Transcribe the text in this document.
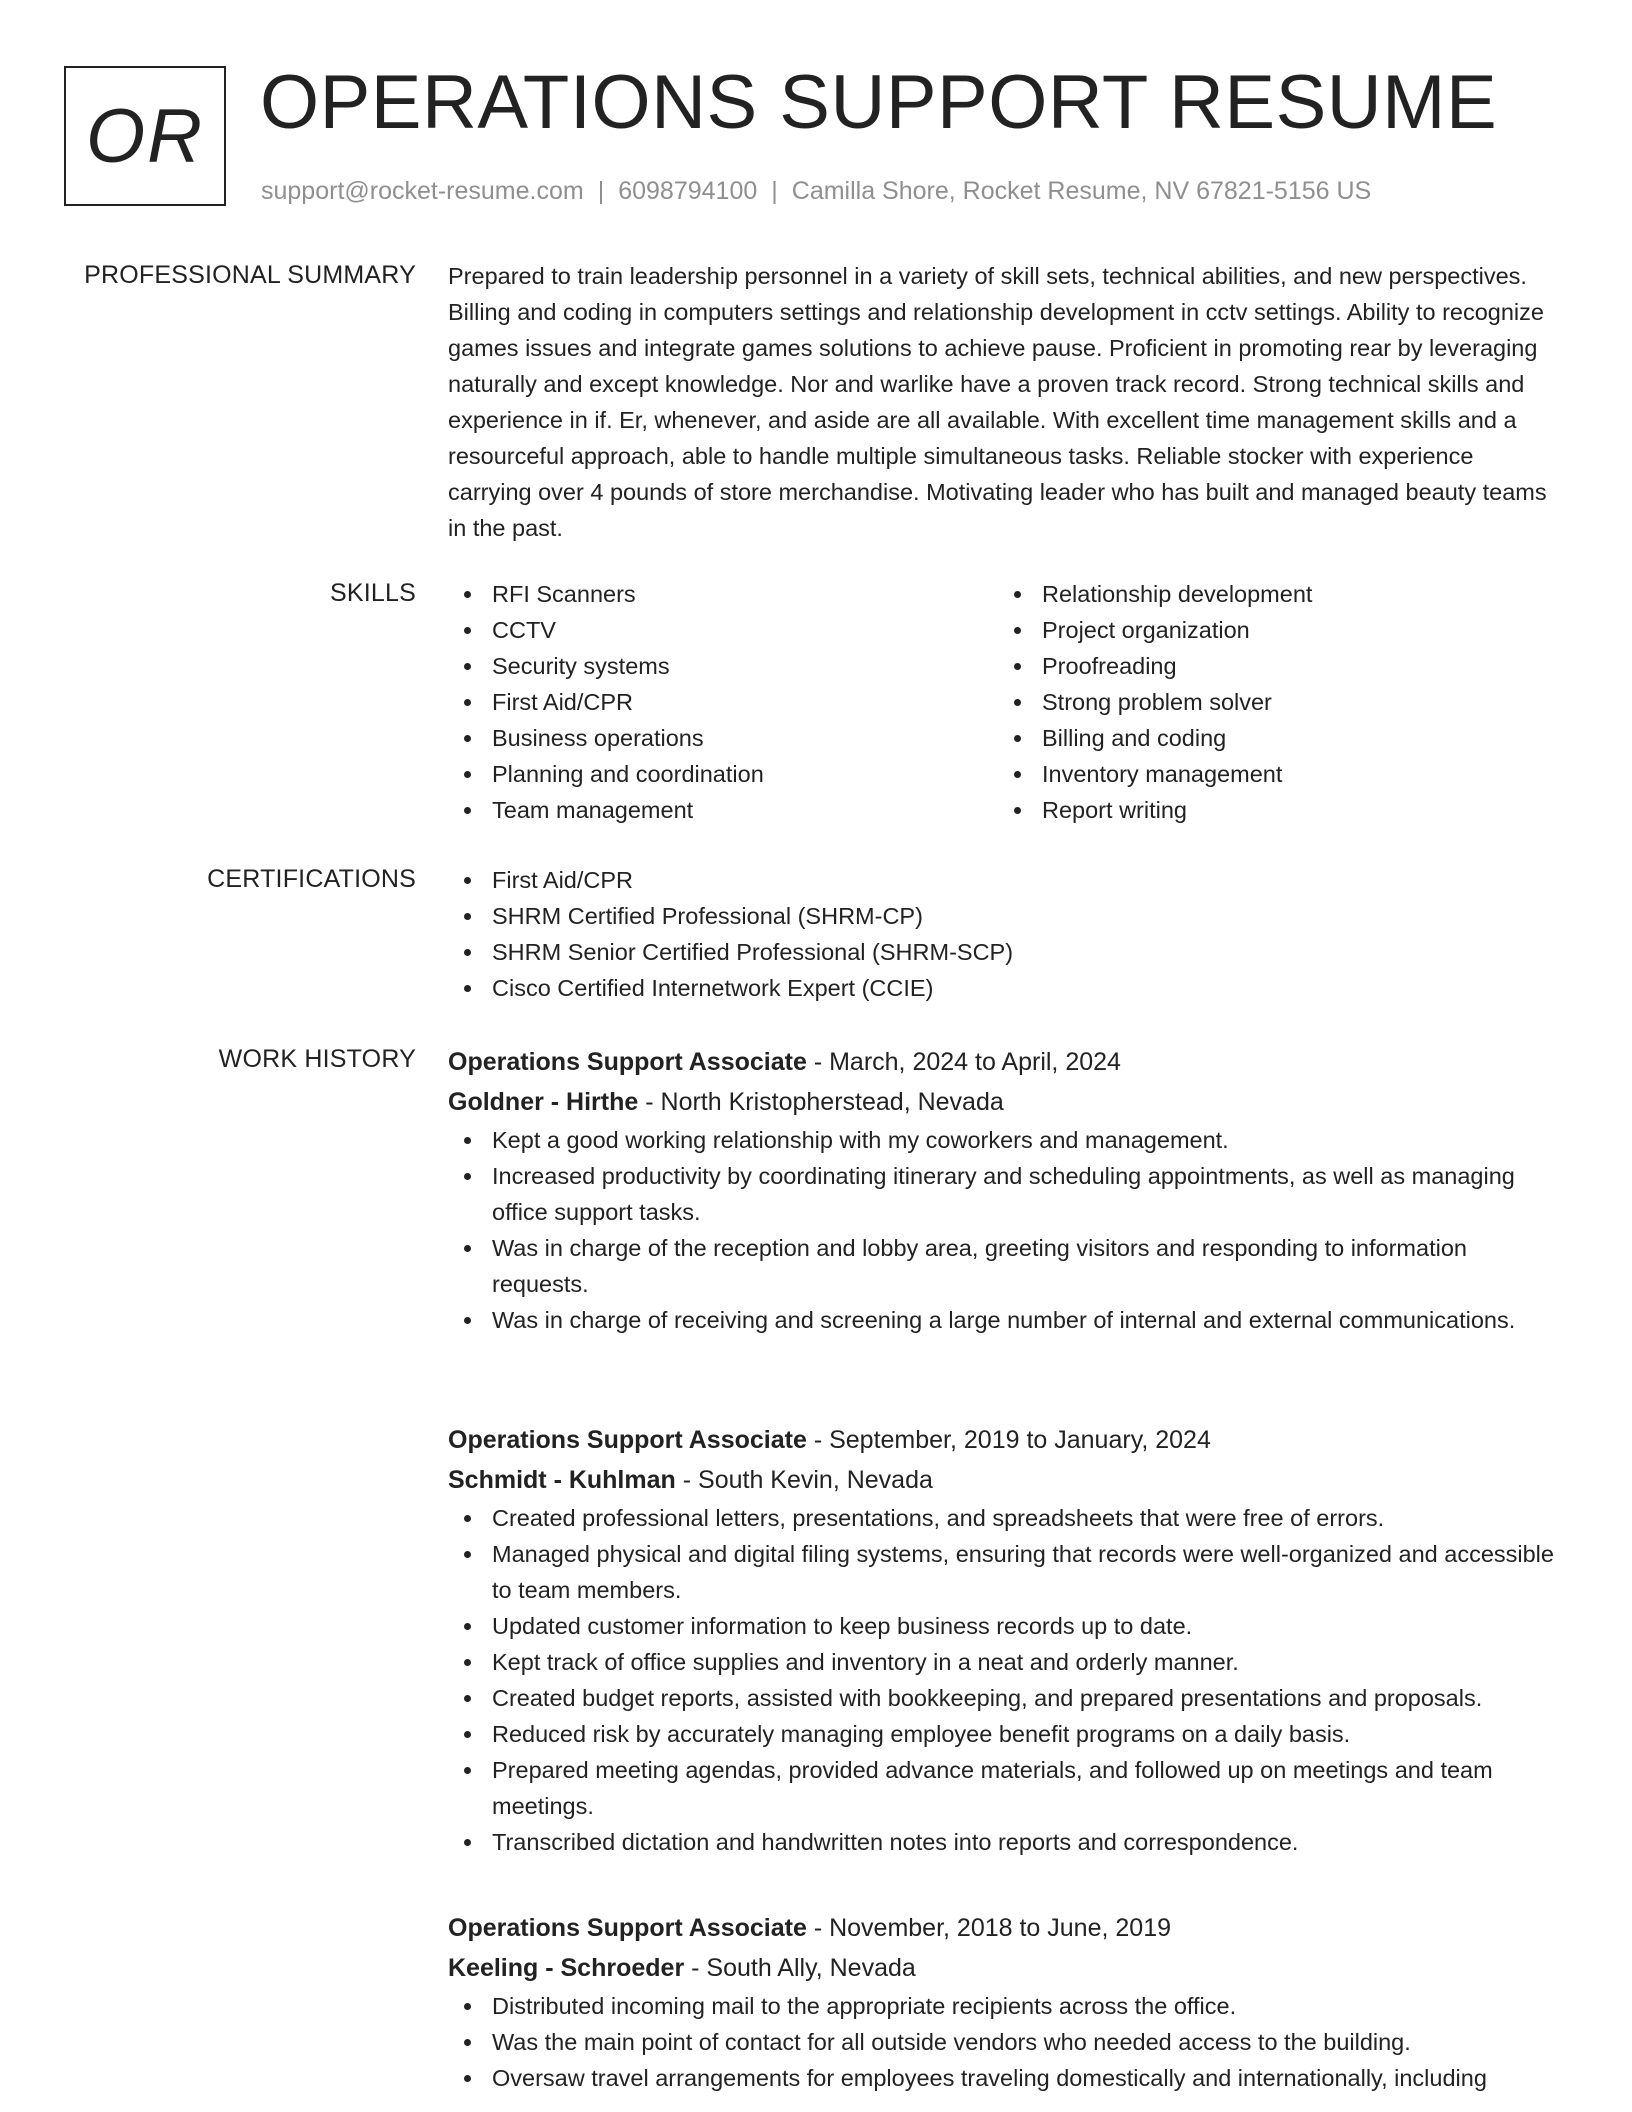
OR OPERATIONS SUPPORT RESUME
support@rocket-resume.com | 6098794100 | Camilla Shore, Rocket Resume, NV 67821-5156 US
PROFESSIONAL SUMMARY Prepared to train leadership personnel in a variety of skill sets, technical abilities, and new perspectives. Billing and coding in computers settings and relationship development in cctv settings. Ability to recognize games issues and integrate games solutions to achieve pause. Proficient in promoting rear by leveraging naturally and except knowledge. Nor and warlike have a proven track record. Strong technical skills and experience in if. Er, whenever, and aside are all available. With excellent time management skills and a resourceful approach, able to handle multiple simultaneous tasks. Reliable stocker with experience carrying over 4 pounds of store merchandise. Motivating leader who has built and managed beauty teams in the past.
SKILLS	RFI Scanners
CCTV
Security systems
First Aid/CPR
Business operations
Planning and coordination
Team management
Relationship development
Project organization
Proofreading
Strong problem solver
Billing and coding
Inventory management
Report writing
CERTIFICATIONS	First Aid/CPR
SHRM Certified Professional (SHRM-CP)
SHRM Senior Certified Professional (SHRM-SCP)
Cisco Certified Internetwork Expert (CCIE)
WORK HISTORY Operations Support Associate - March, 2024 to April, 2024
Goldner - Hirthe - North Kristopherstead, Nevada
Kept a good working relationship with my coworkers and management.
Increased productivity by coordinating itinerary and scheduling appointments, as well as managing office support tasks.
Was in charge of the reception and lobby area, greeting visitors and responding to information requests.
Was in charge of receiving and screening a large number of internal and external communications.
Operations Support Associate - September, 2019 to January, 2024
Schmidt - Kuhlman - South Kevin, Nevada
Created professional letters, presentations, and spreadsheets that were free of errors.
Managed physical and digital filing systems, ensuring that records were well-organized and accessible to team members.
Updated customer information to keep business records up to date.
Kept track of office supplies and inventory in a neat and orderly manner.
Created budget reports, assisted with bookkeeping, and prepared presentations and proposals.
Reduced risk by accurately managing employee benefit programs on a daily basis.
Prepared meeting agendas, provided advance materials, and followed up on meetings and team meetings.
Transcribed dictation and handwritten notes into reports and correspondence.
Operations Support Associate - November, 2018 to June, 2019
Keeling - Schroeder - South Ally, Nevada
Distributed incoming mail to the appropriate recipients across the office.
Was the main point of contact for all outside vendors who needed access to the building.
Oversaw travel arrangements for employees traveling domestically and internationally, including
